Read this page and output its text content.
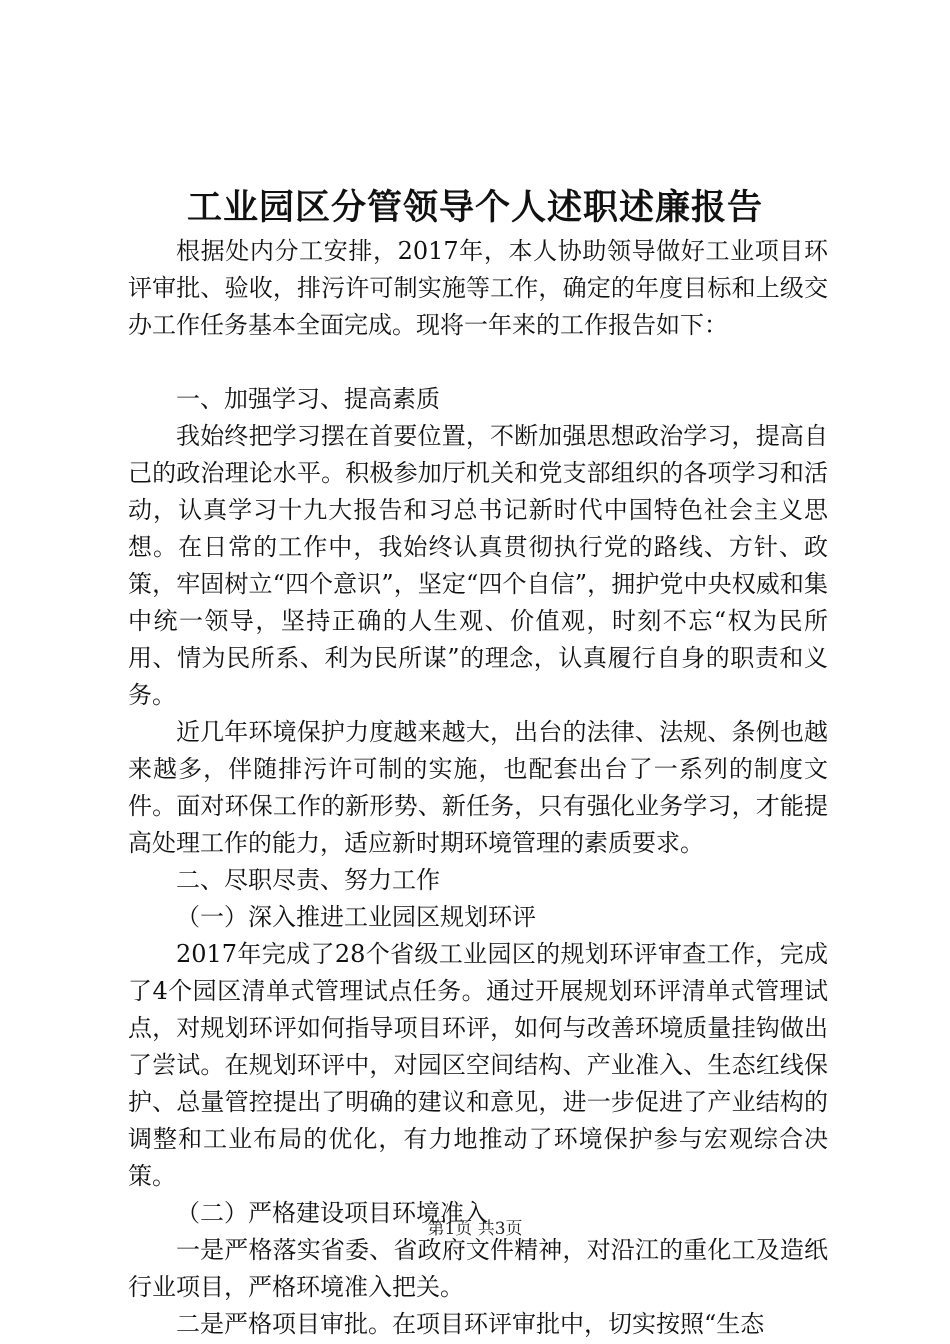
工业园区分管领导个人述职述廉报告

根据处内分工安排，2017年，本人协助领导做好工业项目环评审批、验收，排污许可制实施等工作，确定的年度目标和上级交办工作任务基本全面完成。现将一年来的工作报告如下：

一、加强学习、提高素质

我始终把学习摆在首要位置，不断加强思想政治学习，提高自己的政治理论水平。积极参加厅机关和党支部组织的各项学习和活动，认真学习十九大报告和习总书记新时代中国特色社会主义思想。在日常的工作中，我始终认真贯彻执行党的路线、方针、政策，牢固树立“四个意识”，坚定“四个自信”，拥护党中央权威和集中统一领导，坚持正确的人生观、价值观，时刻不忘“权为民所用、情为民所系、利为民所谋”的理念，认真履行自身的职责和义务。

近几年环境保护力度越来越大，出台的法律、法规、条例也越来越多，伴随排污许可制的实施，也配套出台了一系列的制度文件。面对环保工作的新形势、新任务，只有强化业务学习，才能提高处理工作的能力，适应新时期环境管理的素质要求。

二、尽职尽责、努力工作

（一）深入推进工业园区规划环评

2017年完成了28个省级工业园区的规划环评审查工作，完成了4个园区清单式管理试点任务。通过开展规划环评清单式管理试点，对规划环评如何指导项目环评，如何与改善环境质量挂钩做出了尝试。在规划环评中，对园区空间结构、产业准入、生态红线保护、总量管控提出了明确的建议和意见，进一步促进了产业结构的调整和工业布局的优化，有力地推动了环境保护参与宏观综合决策。

（二）严格建设项目环境准入

一是严格落实省委、省政府文件精神，对沿江的重化工及造纸行业项目，严格环境准入把关。

二是严格项目审批。在项目环评审批中，切实按照“生态

第1页 共3页
